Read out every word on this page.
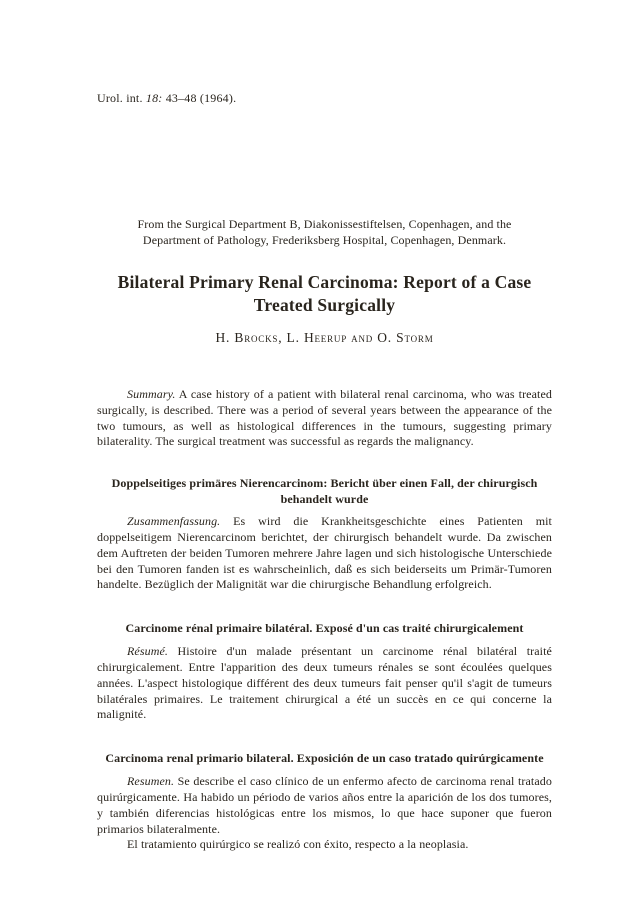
Urol. int. 18: 43–48 (1964).
From the Surgical Department B, Diakonissestiftelsen, Copenhagen, and the
Department of Pathology, Frederiksberg Hospital, Copenhagen, Denmark.
Bilateral Primary Renal Carcinoma: Report of a Case Treated Surgically
H. Brocks, L. Heerup and O. Storm

Summary. A case history of a patient with bilateral renal carcinoma, who was treated surgically, is described. There was a period of several years between the appearance of the two tumours, as well as histological differences in the tumours, suggesting primary bilaterality. The surgical treatment was successful as regards the malignancy.

Doppelseitiges primäres Nierencarcinom: Bericht über einen Fall, der chirurgisch behandelt wurde

Zusammenfassung. Es wird die Krankheitsgeschichte eines Patienten mit doppelseitigem Nierencarcinom berichtet, der chirurgisch behandelt wurde. Da zwischen dem Auftreten der beiden Tumoren mehrere Jahre lagen und sich histologische Unterschiede bei den Tumoren fanden ist es wahrscheinlich, daß es sich beiderseits um Primär-Tumoren handelte. Bezüglich der Malignität war die chirurgische Behandlung erfolgreich.

Carcinome rénal primaire bilatéral. Exposé d'un cas traité chirurgicalement

Résumé. Histoire d'un malade présentant un carcinome rénal bilatéral traité chirurgicalement. Entre l'apparition des deux tumeurs rénales se sont écoulées quelques années. L'aspect histologique différent des deux tumeurs fait penser qu'il s'agit de tumeurs bilatérales primaires. Le traitement chirurgical a été un succès en ce qui concerne la malignité.

Carcinoma renal primario bilateral. Exposición de un caso tratado quirúrgicamente

Resumen. Se describe el caso clínico de un enfermo afecto de carcinoma renal tratado quirúrgicamente. Ha habido un périodo de varios años entre la aparición de los dos tumores, y también diferencias histológicas entre los mismos, lo que hace suponer que fueron primarios bilateralmente.

El tratamiento quirúrgico se realizó con éxito, respecto a la neoplasia.
